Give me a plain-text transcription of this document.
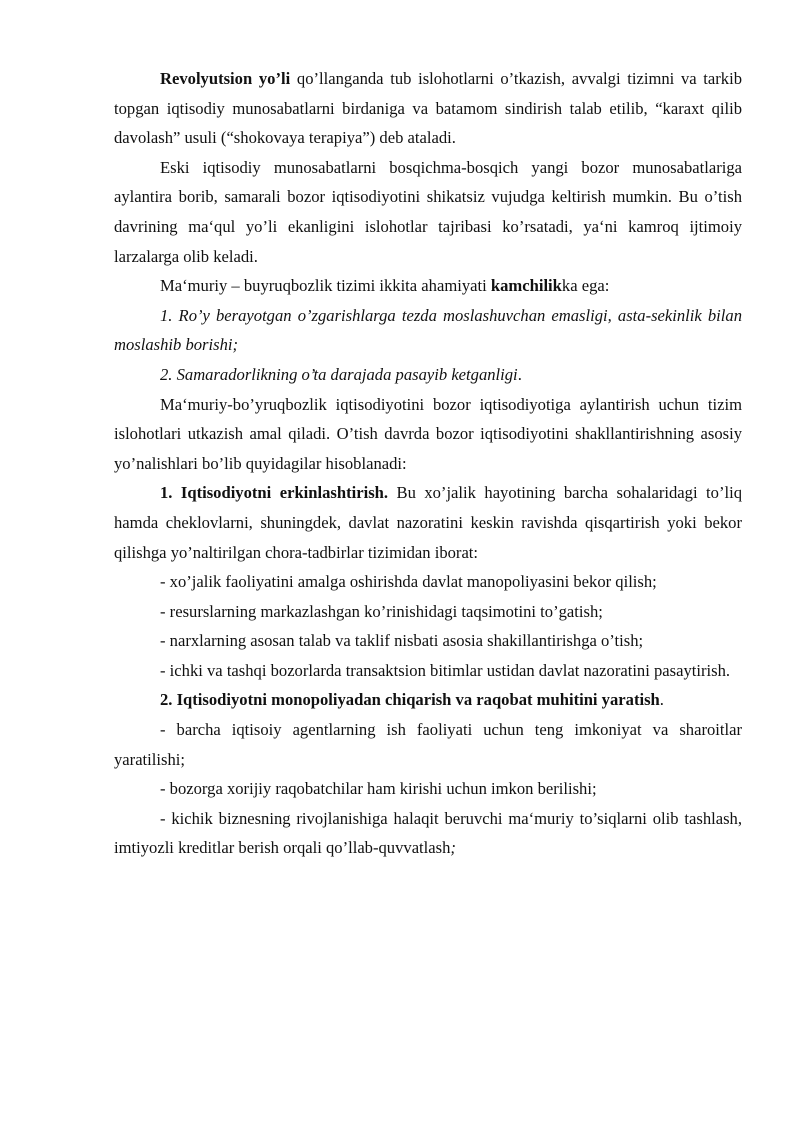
Revolyutsion yo’li qo’llanganda tub islohotlarni o’tkazish, avvalgi tizimni va tarkib topgan iqtisodiy munosabatlarni birdaniga va batamom sindirish talab etilib, “karaxt qilib davolash” usuli (“shokovaya terapiya”) deb ataladi.

Eski iqtisodiy munosabatlarni bosqichma-bosqich yangi bozor munosabatlariga aylantira borib, samarali bozor iqtisodiyotini shikatsiz vujudga keltirish mumkin. Bu o’tish davrining ma‘qul yo’li ekanligini islohotlar tajribasi ko’rsatadi, ya‘ni kamroq ijtimoiy larzalarga olib keladi.

Ma‘muriy – buyruqbozlik tizimi ikkita ahamiyati kamchilikka ega:

1. Ro’y berayotgan o’zgarishlarga tezda moslashuvchan emasligi, asta-sekinlik bilan moslashib borishi;

2. Samaradorlikning o’ta darajada pasayib ketganligi.

Ma‘muriy-bo’yruqbozlik iqtisodiyotini bozor iqtisodiyotiga aylantirish uchun tizim islohotlari utkazish amal qiladi. O’tish davrda bozor iqtisodiyotini shakllantirishning asosiy yo’nalishlari bo’lib quyidagilar hisoblanadi:

1. Iqtisodiyotni erkinlashtirish. Bu xo’jalik hayotining barcha sohalaridagi to’liq hamda cheklovlarni, shuningdek, davlat nazoratini keskin ravishda qisqartirish yoki bekor qilishga yo’naltirilgan chora-tadbirlar tizimidan iborat:

- xo’jalik faoliyatini amalga oshirishda davlat manopoliyasini bekor qilish;

- resurslarning markazlashgan ko’rinishidagi taqsimotini to’gatish;

- narxlarning asosan talab va taklif nisbati asosia shakillantirishga o’tish;

- ichki va tashqi bozorlarda transaktsion bitimlar ustidan davlat nazoratini pasaytirish.

2. Iqtisodiyotni monopoliyadan chiqarish va raqobat muhitini yaratish.

- barcha iqtisoiy agentlarning ish faoliyati uchun teng imkoniyat va sharoitlar yaratilishi;

- bozorga xorijiy raqobatchilar ham kirishi uchun imkon berilishi;

- kichik biznesning rivojlanishiga halaqit beruvchi ma‘muriy to’siqlarni olib tashlash, imtiyozli kreditlar berish orqali qo’llab-quvvatlash;
